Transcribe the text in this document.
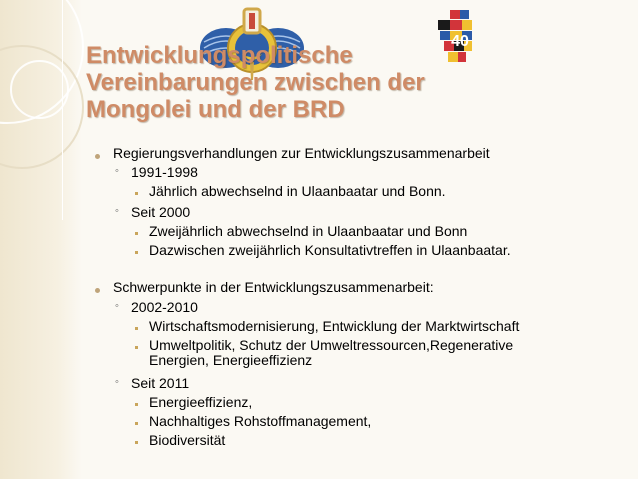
40
Entwicklungspolitische
Vereinbarungen zwischen der
Mongolei und der BRD
Regierungsverhandlungen zur Entwicklungszusammenarbeit
◦ 1991-1998
Jährlich abwechselnd in Ulaanbaatar und Bonn.
◦ Seit 2000
Zweijährlich abwechselnd in Ulaanbaatar und Bonn
Dazwischen zweijährlich Konsultativtreffen in Ulaanbaatar.
Schwerpunkte in der Entwicklungszusammenarbeit:
◦ 2002-2010
Wirtschaftsmodernisierung, Entwicklung der Marktwirtschaft
Umweltpolitik, Schutz der Umweltressourcen,Regenerative
Energien, Energieeffizienz
◦ Seit 2011
Energieeffizienz,
Nachhaltiges Rohstoffmanagement,
Biodiversität
